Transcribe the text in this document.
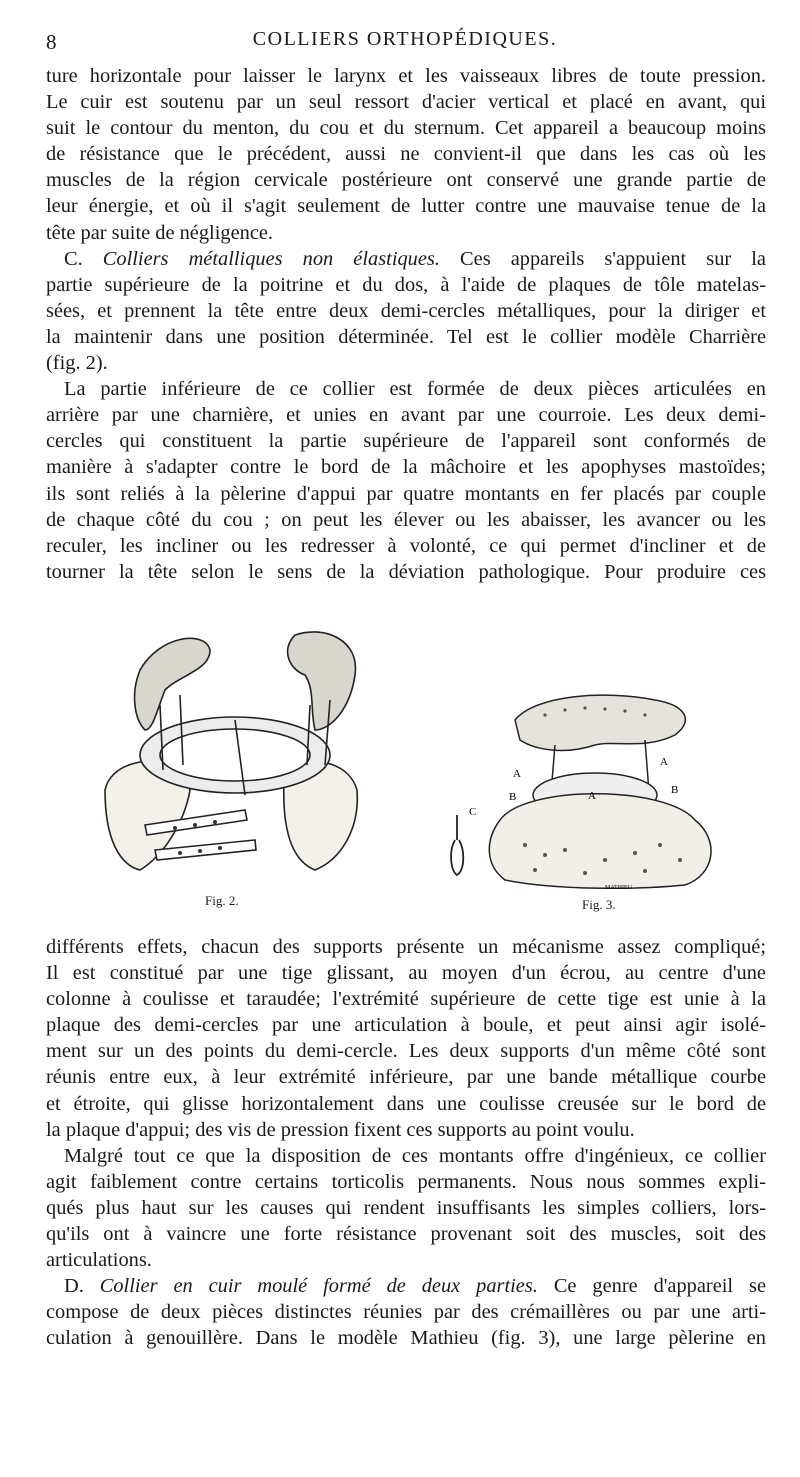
8	COLLIERS ORTHOPÉDIQUES.
ture horizontale pour laisser le larynx et les vaisseaux libres de toute pression.
Le cuir est soutenu par un seul ressort d'acier vertical et placé en avant, qui
suit le contour du menton, du cou et du sternum. Cet appareil a beaucoup moins
de résistance que le précédent, aussi ne convient-il que dans les cas où les
muscles de la région cervicale postérieure ont conservé une grande partie de
leur énergie, et où il s'agit seulement de lutter contre une mauvaise tenue de la
tête par suite de négligence.
C. Colliers métalliques non élastiques. Ces appareils s'appuient sur la
partie supérieure de la poitrine et du dos, à l'aide de plaques de tôle matelas-
sées, et prennent la tête entre deux demi-cercles métalliques, pour la diriger et
la maintenir dans une position déterminée. Tel est le collier modèle Charrière
(fig. 2).
La partie inférieure de ce collier est formée de deux pièces articulées en
arrière par une charnière, et unies en avant par une courroie. Les deux demi-
cercles qui constituent la partie supérieure de l'appareil sont conformés de
manière à s'adapter contre le bord de la mâchoire et les apophyses mastoïdes;
ils sont reliés à la pèlerine d'appui par quatre montants en fer placés par couple
de chaque côté du cou ; on peut les élever ou les abaisser, les avancer ou les
reculer, les incliner ou les redresser à volonté, ce qui permet d'incliner et de
tourner la tête selon le sens de la déviation pathologique. Pour produire ces
Fig. 2.
A
A
A
B
B
C
MATHIEU
Fig. 3.
différents effets, chacun des supports présente un mécanisme assez compliqué;
Il est constitué par une tige glissant, au moyen d'un écrou, au centre d'une
colonne à coulisse et taraudée; l'extrémité supérieure de cette tige est unie à la
plaque des demi-cercles par une articulation à boule, et peut ainsi agir isolé-
ment sur un des points du demi-cercle. Les deux supports d'un même côté sont
réunis entre eux, à leur extrémité inférieure, par une bande métallique courbe
et étroite, qui glisse horizontalement dans une coulisse creusée sur le bord de
la plaque d'appui; des vis de pression fixent ces supports au point voulu.
Malgré tout ce que la disposition de ces montants offre d'ingénieux, ce collier
agit faiblement contre certains torticolis permanents. Nous nous sommes expli-
qués plus haut sur les causes qui rendent insuffisants les simples colliers, lors-
qu'ils ont à vaincre une forte résistance provenant soit des muscles, soit des
articulations.
D. Collier en cuir moulé formé de deux parties. Ce genre d'appareil se
compose de deux pièces distinctes réunies par des crémaillères ou par une arti-
culation à genouillère. Dans le modèle Mathieu (fig. 3), une large pèlerine en
